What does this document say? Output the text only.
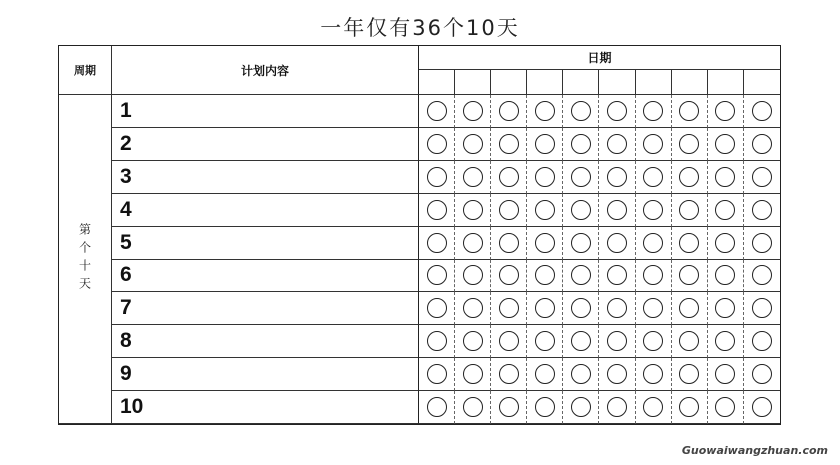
一年仅有36个10天
周期	计划内容
日期
第个十天
1
2
3
4
5
6
7
8
9
10
Guowaiwangzhuan.com
